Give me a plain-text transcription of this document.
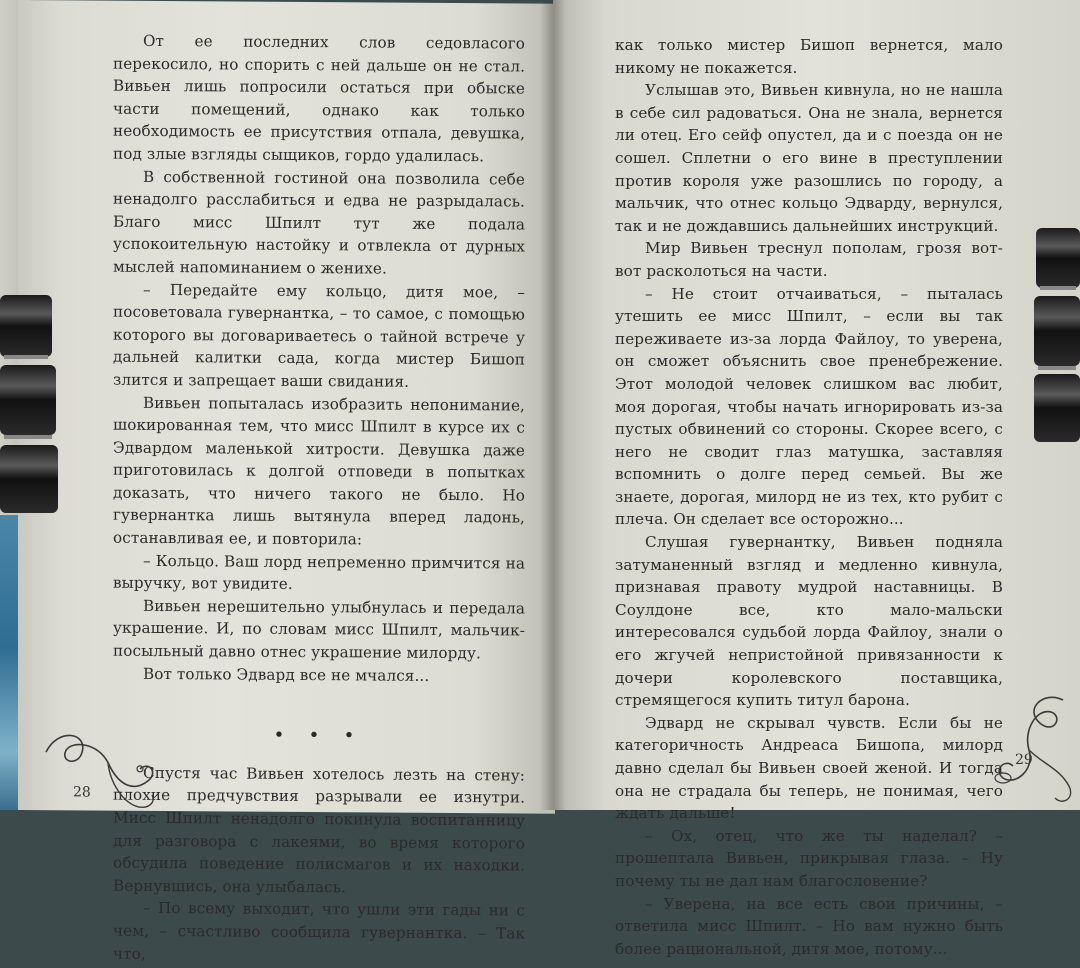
От ее последних слов седовласого перекосило, но спорить с ней дальше он не стал. Вивьен лишь попросили остаться при обыске части помещений, однако как только необходимость ее присутствия отпала, девушка, под злые взгляды сыщиков, гордо удалилась.

В собственной гостиной она позволила себе ненадолго расслабиться и едва не разрыдалась. Благо мисс Шпилт тут же подала успокоительную настойку и отвлекла от дурных мыслей напоминанием о женихе.

– Передайте ему кольцо, дитя мое, – посоветовала гувернантка, – то самое, с помощью которого вы договариваетесь о тайной встрече у дальней калитки сада, когда мистер Бишоп злится и запрещает ваши свидания.

Вивьен попыталась изобразить непонимание, шокированная тем, что мисс Шпилт в курсе их с Эдвардом маленькой хитрости. Девушка даже приготовилась к долгой отповеди в попытках доказать, что ничего такого не было. Но гувернантка лишь вытянула вперед ладонь, останавливая ее, и повторила:

– Кольцо. Ваш лорд непременно примчится на выручку, вот увидите.

Вивьен нерешительно улыбнулась и передала украшение. И, по словам мисс Шпилт, мальчик-посыльный давно отнес украшение милорду.

Вот только Эдвард все не мчался...

• • •

Спустя час Вивьен хотелось лезть на стену: плохие предчувствия разрывали ее изнутри. Мисс Шпилт ненадолго покинула воспитанницу для разговора с лакеями, во время которого обсудила поведение полисмагов и их находки. Вернувшись, она улыбалась.

– По всему выходит, что ушли эти гады ни с чем, – счастливо сообщила гувернантка. – Так что,

28

как только мистер Бишоп вернется, мало никому не покажется.

Услышав это, Вивьен кивнула, но не нашла в себе сил радоваться. Она не знала, вернется ли отец. Его сейф опустел, да и с поезда он не сошел. Сплетни о его вине в преступлении против короля уже разошлись по городу, а мальчик, что отнес кольцо Эдварду, вернулся, так и не дождавшись дальнейших инструкций.

Мир Вивьен треснул пополам, грозя вот-вот расколоться на части.

– Не стоит отчаиваться, – пыталась утешить ее мисс Шпилт, – если вы так переживаете из-за лорда Файлоу, то уверена, он сможет объяснить свое пренебрежение. Этот молодой человек слишком вас любит, моя дорогая, чтобы начать игнорировать из-за пустых обвинений со стороны. Скорее всего, с него не сводит глаз матушка, заставляя вспомнить о долге перед семьей. Вы же знаете, дорогая, милорд не из тех, кто рубит с плеча. Он сделает все осторожно...

Слушая гувернантку, Вивьен подняла затуманенный взгляд и медленно кивнула, признавая правоту мудрой наставницы. В Соулдоне все, кто мало-мальски интересовался судьбой лорда Файлоу, знали о его жгучей непристойной привязанности к дочери королевского поставщика, стремящегося купить титул барона.

Эдвард не скрывал чувств. Если бы не категоричность Андреаса Бишопа, милорд давно сделал бы Вивьен своей женой. И тогда она не страдала бы теперь, не понимая, чего ждать дальше!

– Ох, отец, что же ты наделал? – прошептала Вивьен, прикрывая глаза. – Ну почему ты не дал нам благословение?

– Уверена, на все есть свои причины, – ответила мисс Шпилт. – Но вам нужно быть более рациональной, дитя мое, потому...

29
